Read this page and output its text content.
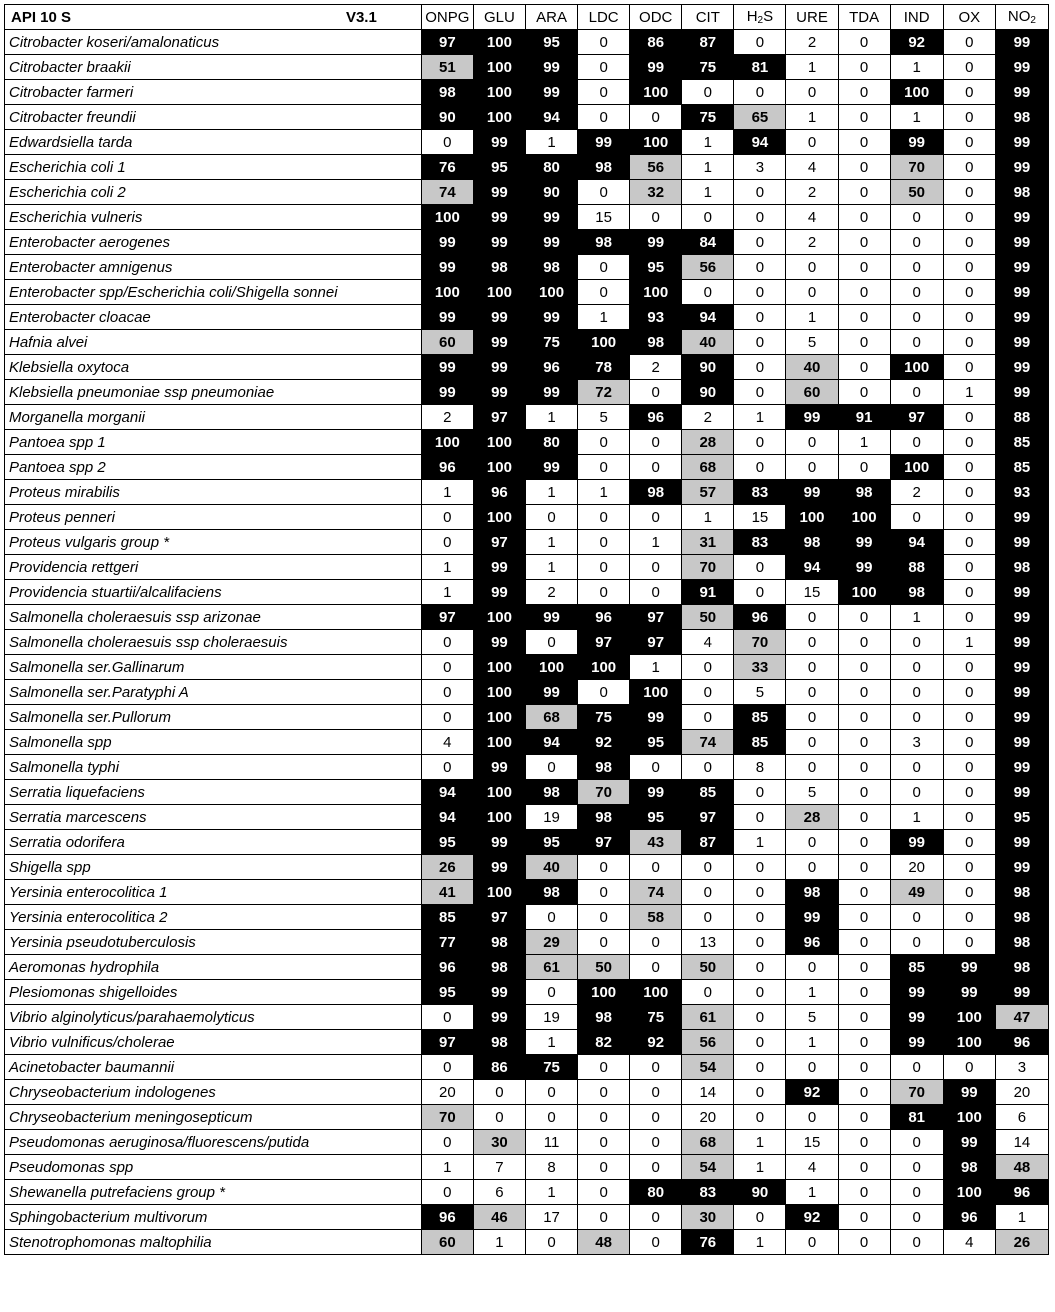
API 10 S V3.1	ONPG	GLU	ARA	LDC	ODC	CIT	$H_2S$	URE	TDA	IND	OX	$NO_2$
Citrobacter koseri/amalonaticus	97	100	95	0	86	87	0	2	0	92	0	99
Citrobacter braakii	51	100	99	0	99	75	81	1	0	1	0	99
Citrobacter farmeri	98	100	99	0	100	0	0	0	0	100	0	99
Citrobacter freundii	90	100	94	0	0	75	65	1	0	1	0	98
Edwardsiella tarda	0	99	1	99	100	1	94	0	0	99	0	99
Escherichia coli 1	76	95	80	98	56	1	3	4	0	70	0	99
Escherichia coli 2	74	99	90	0	32	1	0	2	0	50	0	98
Escherichia vulneris	100	99	99	15	0	0	0	4	0	0	0	99
Enterobacter aerogenes	99	99	99	98	99	84	0	2	0	0	0	99
Enterobacter amnigenus	99	98	98	0	95	56	0	0	0	0	0	99
Enterobacter spp/Escherichia coli/Shigella sonnei	100	100	100	0	100	0	0	0	0	0	0	99
Enterobacter cloacae	99	99	99	1	93	94	0	1	0	0	0	99
Hafnia alvei	60	99	75	100	98	40	0	5	0	0	0	99
Klebsiella oxytoca	99	99	96	78	2	90	0	40	0	100	0	99
Klebsiella pneumoniae ssp pneumoniae	99	99	99	72	0	90	0	60	0	0	1	99
Morganella morganii	2	97	1	5	96	2	1	99	91	97	0	88
Pantoea spp 1	100	100	80	0	0	28	0	0	1	0	0	85
Pantoea spp 2	96	100	99	0	0	68	0	0	0	100	0	85
Proteus mirabilis	1	96	1	1	98	57	83	99	98	2	0	93
Proteus penneri	0	100	0	0	0	1	15	100	100	0	0	99
Proteus vulgaris group *	0	97	1	0	1	31	83	98	99	94	0	99
Providencia rettgeri	1	99	1	0	0	70	0	94	99	88	0	98
Providencia stuartii/alcalifaciens	1	99	2	0	0	91	0	15	100	98	0	99
Salmonella choleraesuis ssp arizonae	97	100	99	96	97	50	96	0	0	1	0	99
Salmonella choleraesuis ssp choleraesuis	0	99	0	97	97	4	70	0	0	0	1	99
Salmonella ser.Gallinarum	0	100	100	100	1	0	33	0	0	0	0	99
Salmonella ser.Paratyphi A	0	100	99	0	100	0	5	0	0	0	0	99
Salmonella ser.Pullorum	0	100	68	75	99	0	85	0	0	0	0	99
Salmonella spp	4	100	94	92	95	74	85	0	0	3	0	99
Salmonella typhi	0	99	0	98	0	0	8	0	0	0	0	99
Serratia liquefaciens	94	100	98	70	99	85	0	5	0	0	0	99
Serratia marcescens	94	100	19	98	95	97	0	28	0	1	0	95
Serratia odorifera	95	99	95	97	43	87	1	0	0	99	0	99
Shigella spp	26	99	40	0	0	0	0	0	0	20	0	99
Yersinia enterocolitica 1	41	100	98	0	74	0	0	98	0	49	0	98
Yersinia enterocolitica 2	85	97	0	0	58	0	0	99	0	0	0	98
Yersinia pseudotuberculosis	77	98	29	0	0	13	0	96	0	0	0	98
Aeromonas hydrophila	96	98	61	50	0	50	0	0	0	85	99	98
Plesiomonas shigelloides	95	99	0	100	100	0	0	1	0	99	99	99
Vibrio alginolyticus/parahaemolyticus	0	99	19	98	75	61	0	5	0	99	100	47
Vibrio vulnificus/cholerae	97	98	1	82	92	56	0	1	0	99	100	96
Acinetobacter baumannii	0	86	75	0	0	54	0	0	0	0	0	3
Chryseobacterium indologenes	20	0	0	0	0	14	0	92	0	70	99	20
Chryseobacterium meningosepticum	70	0	0	0	0	20	0	0	0	81	100	6
Pseudomonas aeruginosa/fluorescens/putida	0	30	11	0	0	68	1	15	0	0	99	14
Pseudomonas spp	1	7	8	0	0	54	1	4	0	0	98	48
Shewanella putrefaciens group *	0	6	1	0	80	83	90	1	0	0	100	96
Sphingobacterium multivorum	96	46	17	0	0	30	0	92	0	0	96	1
Stenotrophomonas maltophilia	60	1	0	48	0	76	1	0	0	0	4	26
